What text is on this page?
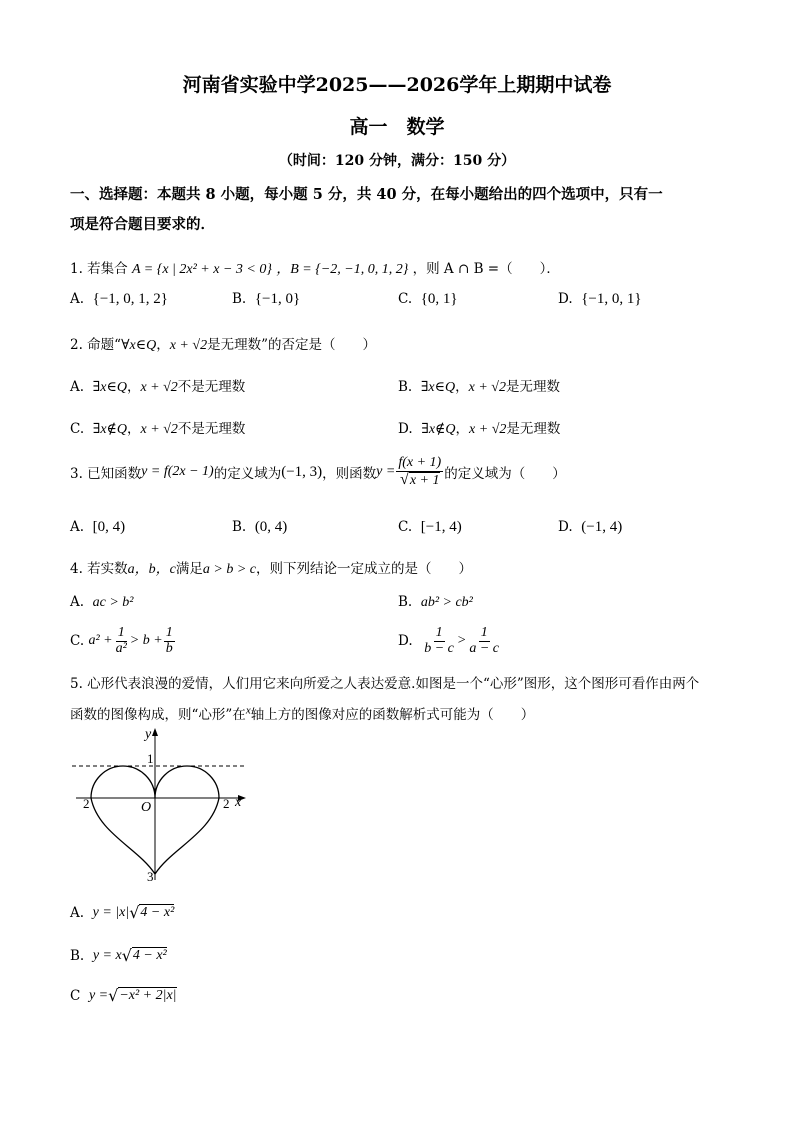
河南省实验中学2025——2026学年上期期中试卷
高一　数学
（时间：120 分钟，满分：150 分）
一、选择题：本题共 8 小题，每小题 5 分，共 40 分，在每小题给出的四个选项中，只有一
项是符合题目要求的．
1. 若集合 A = {x | 2x² + x − 3 < 0} ，B = {−2, −1, 0, 1, 2} ，则 A ∩ B =（　　）．
A. {−1, 0, 1, 2}	B. {−1, 0}	C. {0, 1}	D. {−1, 0, 1}
2. 命题“∀x∈Q，x + √2是无理数”的否定是（　　）
A. ∃x∈Q，x + √2不是无理数	B. ∃x∈Q，x + √2是无理数
C. ∃x∉Q，x + √2不是无理数	D. ∃x∉Q，x + √2是无理数
3. 已知函数 y = f(2x − 1) 的定义域为 (−1, 3) ，则函数 $y = \frac{f(x + 1)}{√x + 1}$ 的定义域为（　　）
A. [0, 4)	B. (0, 4)	C. [−1, 4)	D. (−1, 4)
4. 若实数a，b，c满足a > b > c，则下列结论一定成立的是（　　）
A. ac > b²	B. ab² > cb²
C.
$a^2 + \frac{1}{\text{a²}} > b + \frac{1}{b}$	D.
$\frac{1}{b - c} > \frac{1}{a - c}$
5. 心形代表浪漫的爱情，人们用它来向所爱之人表达爱意.如图是一个“心形”图形，这个图形可看作由两个
函数的图像构成，则“心形”在$^x$轴上方的图像对应的函数解析式可能为（　　）
y
x
O
1
2	2
3
A.
y = |x| √ 4 − x²
B.
y = x √ 4 − x²
C
y = √ −x² + 2|x|
